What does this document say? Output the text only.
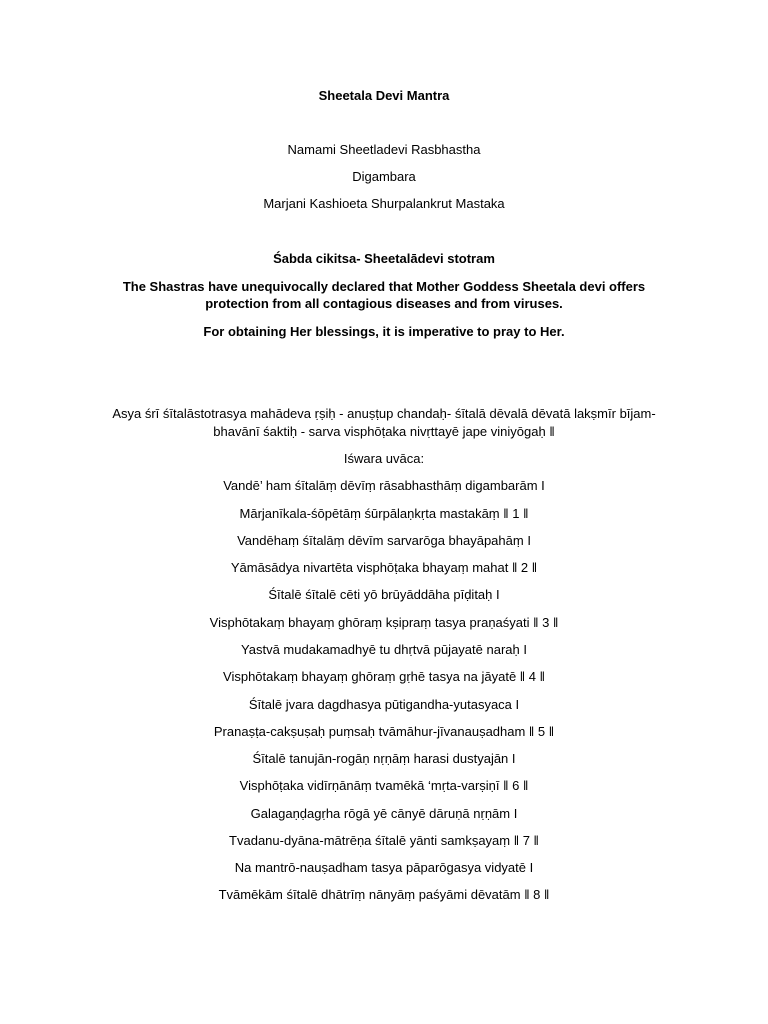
Sheetala Devi Mantra
Namami Sheetladevi Rasbhastha
Digambara
Marjani Kashioeta Shurpalankrut Mastaka
Śabda cikitsa- Sheetalādevi stotram
The Shastras have unequivocally declared that Mother Goddess Sheetala devi offers protection from all contagious diseases and from viruses.
For obtaining Her blessings, it is imperative to pray to Her.
Asya śrī śītalāstotrasya mahādeva ṛṣiḥ - anuṣṭup chandaḥ- śītalā dēvalā dēvatā lakṣmīr bījam-
bhavānī śaktiḥ - sarva visphōṭaka nivṛttayē jape viniyōgaḥ ‖
Iśwara uvāca:
Vandē’ ham śītalāṃ dēvīṃ rāsabhasthāṃ digambarām I
Mārjanīkala-śōpētāṃ śūrpālaṇkṛta mastakāṃ ‖ 1 ‖
Vandēhaṃ śītalāṃ dēvīm sarvarōga bhayāpahāṃ I
Yāmāsādya nivartēta visphōṭaka bhayaṃ mahat ‖ 2 ‖
Śītalē śītalē cēti yō brūyāddāha pīḍitaḥ I
Visphōtakaṃ bhayaṃ ghōraṃ kṣipraṃ tasya praṇaśyati ‖ 3 ‖
Yastvā mudakamadhyē tu dhṛtvā pūjayatē naraḥ I
Visphōtakaṃ bhayaṃ ghōraṃ gṛhē tasya na jāyatē ‖ 4 ‖
Śītalē jvara dagdhasya pūtigandha-yutasyaca I
Pranaṣṭa-cakṣuṣaḥ puṃsaḥ tvāmāhur-jīvanauṣadham ‖ 5 ‖
Śītalē tanujān-rogāṇ nṛṇāṃ harasi dustyajān I
Visphōṭaka vidīrṇānāṃ tvamēkā ‘mṛta-varṣiṇī ‖ 6 ‖
Galagaṇḍagṛha rōgā yē cānyē dāruṇā nṛṇām I
Tvadanu-dyāna-mātrēṇa śītalē yānti samkṣayaṃ ‖ 7 ‖
Na mantrō-nauṣadham tasya pāparōgasya vidyatē I
Tvāmēkām śītalē dhātrīṃ nānyāṃ paśyāmi dēvatām ‖ 8 ‖
